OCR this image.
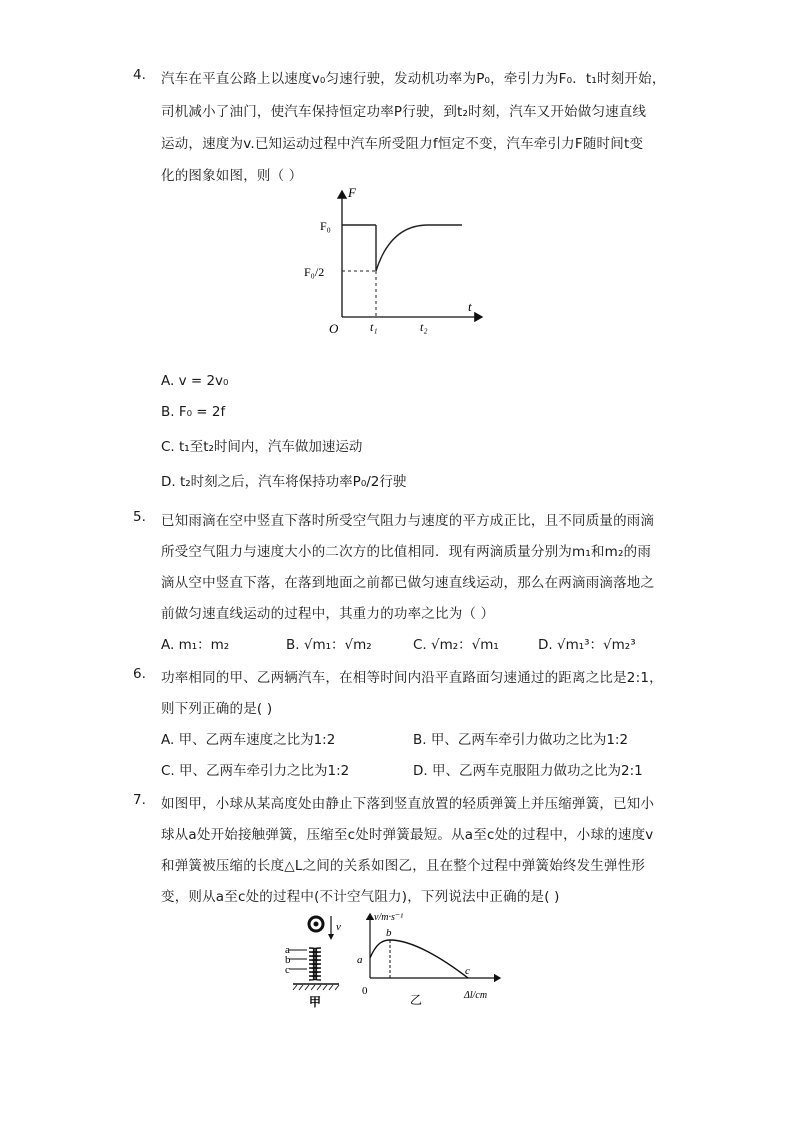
4. 汽车在平直公路上以速度v₀匀速行驶，发动机功率为P₀，牵引力为F₀．t₁时刻开始，
司机减小了油门，使汽车保持恒定功率P行驶，到t₂时刻，汽车又开始做匀速直线
运动，速度为v.已知运动过程中汽车所受阻力f恒定不变，汽车牵引力F随时间t变
化的图象如图，则（ ）
F
t
O
F₀
F₀/2
t₁	t₂
A. v = 2v₀
B. F₀ = 2f
C. t₁至t₂时间内，汽车做加速运动
D. t₂时刻之后，汽车将保持功率P₀/2行驶
5. 已知雨滴在空中竖直下落时所受空气阻力与速度的平方成正比，且不同质量的雨滴
所受空气阻力与速度大小的二次方的比值相同．现有两滴质量分别为m₁和m₂的雨
滴从空中竖直下落，在落到地面之前都已做匀速直线运动，那么在两滴雨滴落地之
前做匀速直线运动的过程中，其重力的功率之比为（ ）
A. m₁：m₂	B. √m₁：√m₂	C. √m₂：√m₁	D. √m₁³：√m₂³
6. 功率相同的甲、乙两辆汽车，在相等时间内沿平直路面匀速通过的距离之比是2:1，
则下列正确的是( )
A. 甲、乙两车速度之比为1:2	B. 甲、乙两车牵引力做功之比为1:2
C. 甲、乙两车牵引力之比为1:2	D. 甲、乙两车克服阻力做功之比为2:1
7. 如图甲，小球从某高度处由静止下落到竖直放置的轻质弹簧上并压缩弹簧，已知小
球从a处开始接触弹簧，压缩至c处时弹簧最短。从a至c处的过程中，小球的速度v
和弹簧被压缩的长度△L之间的关系如图乙，且在整个过程中弹簧始终发生弹性形
变，则从a至c处的过程中(不计空气阻力)，下列说法中正确的是( )
v
a
b
c
甲
v/m·s⁻¹
Δl/cm
0
a
b
c
乙
